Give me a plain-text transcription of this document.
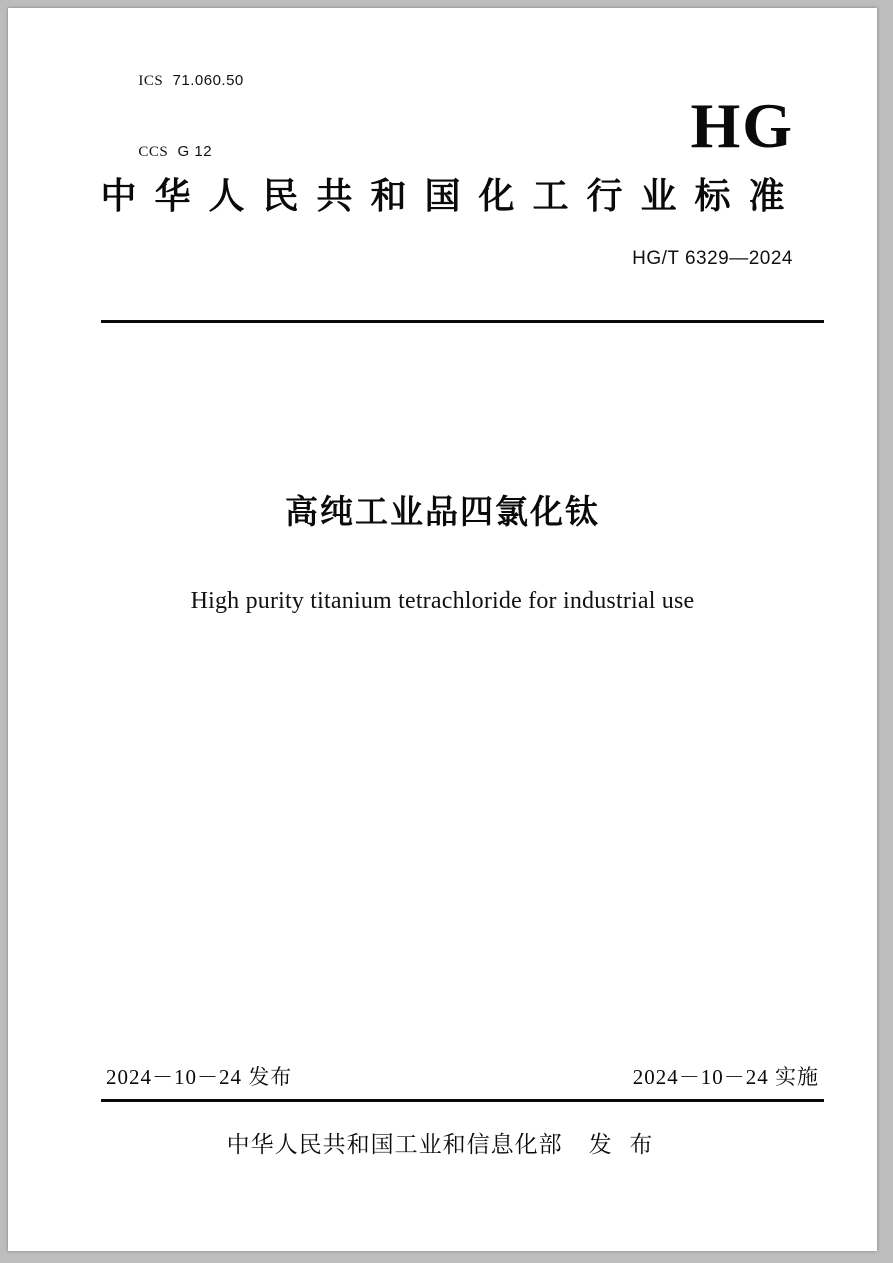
ICS 71.060.50

CCS G 12
	HG
中华人民共和国化工行业标准
HG/T 6329—2024
高纯工业品四氯化钛
High purity titanium tetrachloride for industrial use
2024－10－24 发布	2024－10－24 实施
中华人民共和国工业和信息化部 发 布
